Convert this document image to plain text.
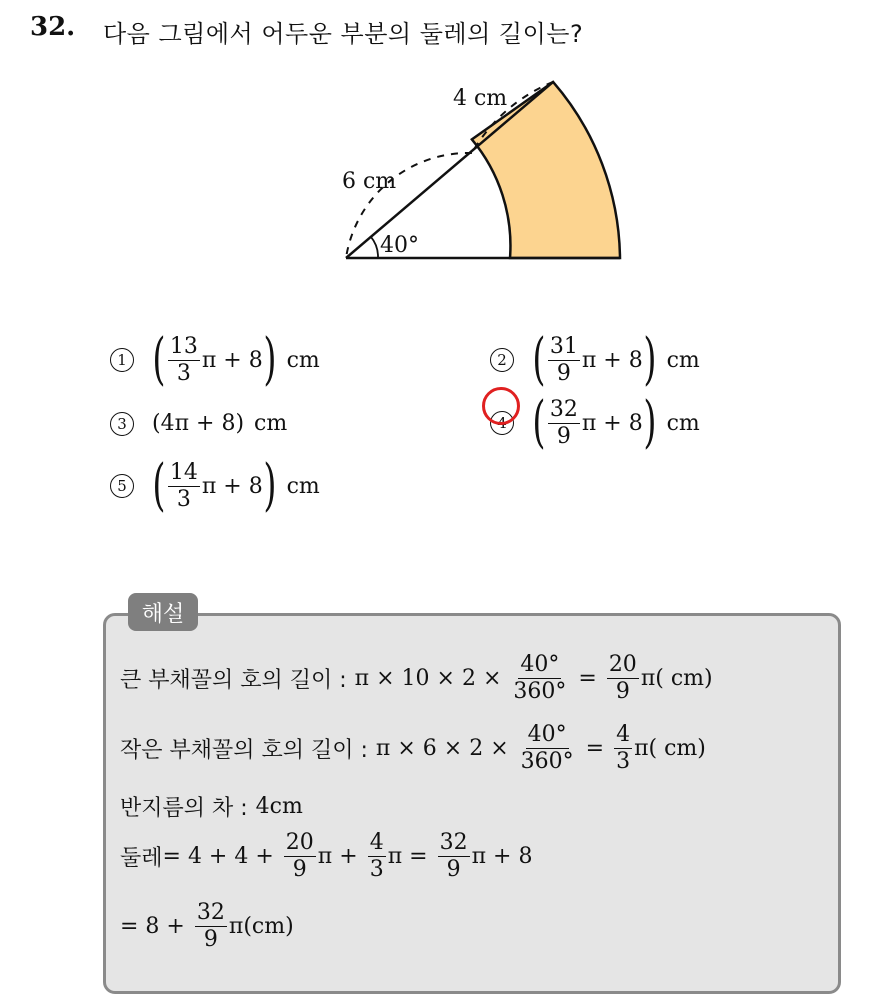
32. 다음 그림에서 어두운 부분의 둘레의 길이는?
4 cm
6 cm
40°
1 ( $\frac{13}{3}$ π + 8 ) cm	2 ( $\frac{31}{9}$ π + 8 ) cm
3	(4π + 8) cm	4 ( $\frac{32}{9}$ π + 8 ) cm
5 ( $\frac{14}{3}$ π + 8 ) cm
해설
큰 부채꼴의 호의 길이 : $\pi \times 10 \times 2 \times \frac{40^\circ}{360^\circ} = \frac{20}{9} \pi$( cm)
작은 부채꼴의 호의 길이 : $\pi \times 6 \times 2 \times \frac{40^\circ}{360^\circ} = \frac{4}{3} \pi$( cm)
반지름의 차 : 4cm
둘레 = $4 + 4 + \frac{20}{9}$ $\pi + \frac{4}{3}$ $\pi = \frac{32}{9}$ π + 8
= $8 + \frac{32}{9} \pi(cm)$
